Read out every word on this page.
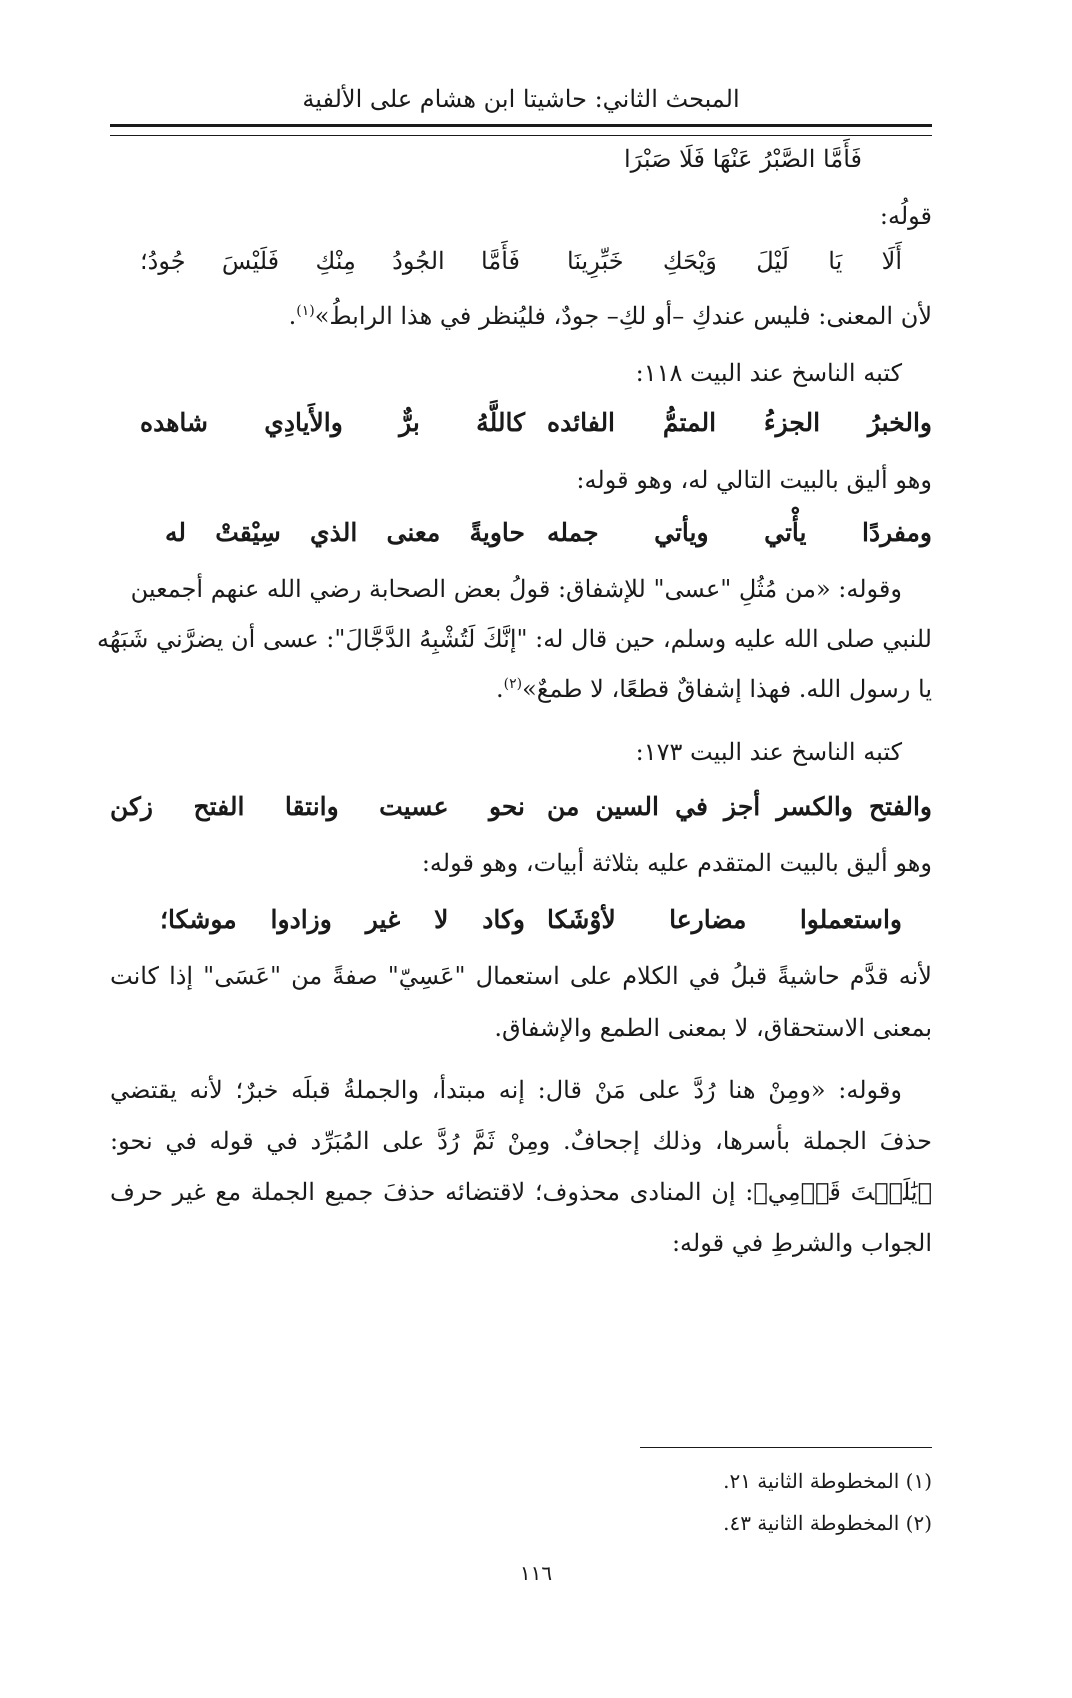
المبحث الثاني: حاشيتا ابن هشام على الألفية
فَأَمَّا الصَّبْرُ عَنْهَا فَلَا صَبْرَا
قولُه:
أَلَا يَا لَيْلَ وَيْحَكِ خَبِّرِينَا
فَأَمَّا الجُودُ مِنْكِ فَلَيْسَ جُودُ؛
لأن المعنى: فليس عندكِ –أو لكِ– جودٌ، فليُنظر في هذا الرابطُ»$^{(١)}$.
كتبه الناسخ عند البيت ١١٨:
والخبرُ الجزءُ المتمُّ الفائده
كاللَّهُ برٌّ والأَيادِي شاهده
وهو أليق بالبيت التالي له، وهو قوله:
ومفردًا يأْتي ويأتي جمله
حاويةً معنى الذي سِيْقتْ له
وقوله: «من مُثُلِ "عسى" للإشفاق: قولُ بعض الصحابة رضي الله عنهم أجمعين
للنبي صلى الله عليه وسلم، حين قال له: "إنَّكَ لَتُشْبِهُ الدَّجَّالَ": عسى أن يضرَّني شَبَهُه
يا رسول الله. فهذا إشفاقٌ قطعًا، لا طمعٌ»$^{(٢)}$.
كتبه الناسخ عند البيت ١٧٣:
والفتح والكسر أجز في السين من
نحو عسيت وانتقا الفتح زكن
وهو أليق بالبيت المتقدم عليه بثلاثة أبيات، وهو قوله:
واستعملوا مضارعا لأوْشَكا
وكاد لا غير وزادوا موشكا؛
لأنه قدَّم حاشيةً قبلُ في الكلام على استعمال "عَسِيّ" صفةً من "عَسَى" إذا كانت
بمعنى الاستحقاق، لا بمعنى الطمع والإشفاق.
وقوله: «ومِنْ هنا رُدَّ على مَنْ قال: إنه مبتدأ، والجملةُ قبلَه خبرٌ؛ لأنه يقتضي
حذفَ الجملة بأسرها، وذلك إجحافٌ. ومِنْ ثَمَّ رُدَّ على المُبَرِّد في قوله في نحو:
﴿يَٰلَيۡتَ قَوۡمِي﴾: إن المنادى محذوف؛ لاقتضائه حذفَ جميع الجملة مع غير حرف
الجواب والشرطِ في قوله:
(١) المخطوطة الثانية ٢١.
(٢) المخطوطة الثانية ٤٣.
١١٦
